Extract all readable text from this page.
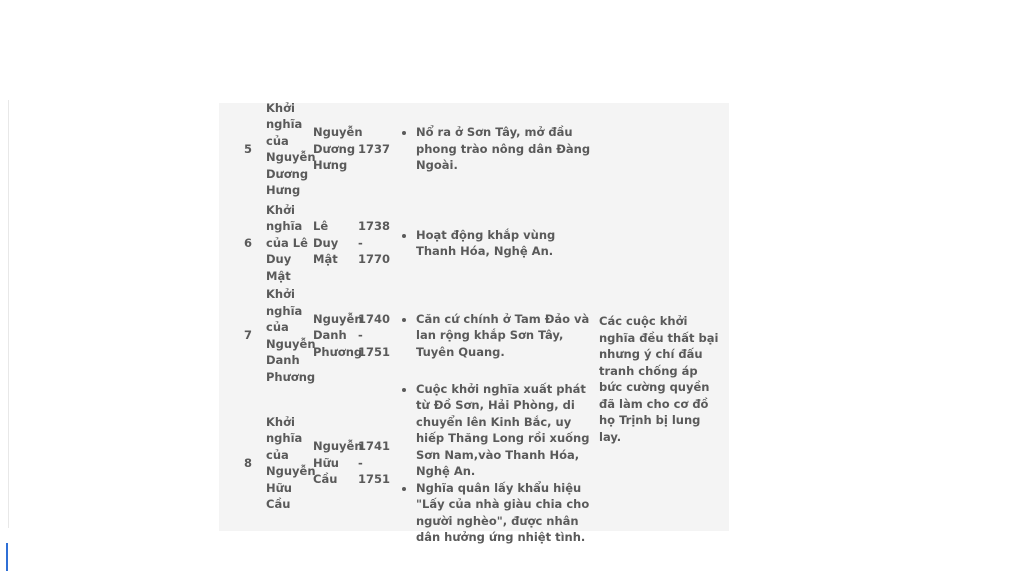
5
Khởi nghĩa của Nguyễn Dương Hưng
Nguyễn Dương Hưng
1737
• Nổ ra ở Sơn Tây, mở đầu phong trào nông dân Đàng Ngoài.
6
Khởi nghĩa của Lê Duy Mật
Lê Duy Mật
1738 - 1770
• Hoạt động khắp vùng Thanh Hóa, Nghệ An.
7
Khởi nghĩa của Nguyễn Danh Phương
Nguyễn Danh Phương
1740 - 1751
• Căn cứ chính ở Tam Đảo và lan rộng khắp Sơn Tây, Tuyên Quang.
8
Khởi nghĩa của Nguyễn Hữu Cầu
Nguyễn Hữu Cầu
1741 - 1751
• Cuộc khởi nghĩa xuất phát từ Đồ Sơn, Hải Phòng, di chuyển lên Kinh Bắc, uy hiếp Thăng Long rồi xuống Sơn Nam,vào Thanh Hóa, Nghệ An.
• Nghĩa quân lấy khẩu hiệu "Lấy của nhà giàu chia cho người nghèo", được nhân dân hưởng ứng nhiệt tình.
Các cuộc khởi nghĩa đều thất bại nhưng ý chí đấu tranh chống áp bức cường quyền đã làm cho cơ đồ họ Trịnh bị lung lay.
